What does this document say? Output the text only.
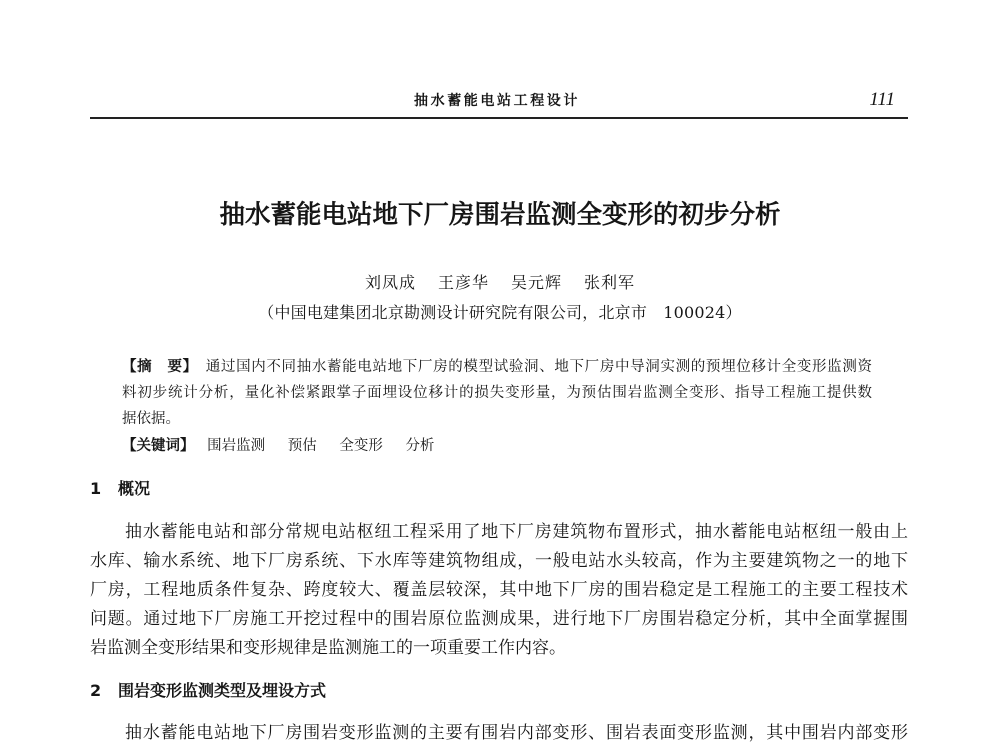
抽水蓄能电站工程设计	111
抽水蓄能电站地下厂房围岩监测全变形的初步分析
刘凤成 王彦华 吴元辉 张利军
（中国电建集团北京勘测设计研究院有限公司，北京市　100024）
【摘　要】 通过国内不同抽水蓄能电站地下厂房的模型试验洞、地下厂房中导洞实测的预埋位移计全变形监测资
料初步统计分析，量化补偿紧跟掌子面埋设位移计的损失变形量，为预估围岩监测全变形、指导工程施工提供数
据依据。
【关键词】 围岩监测 预估 全变形 分析
1 概况
抽水蓄能电站和部分常规电站枢纽工程采用了地下厂房建筑物布置形式，抽水蓄能电站枢纽一般由上
水库、输水系统、地下厂房系统、下水库等建筑物组成，一般电站水头较高，作为主要建筑物之一的地下
厂房，工程地质条件复杂、跨度较大、覆盖层较深，其中地下厂房的围岩稳定是工程施工的主要工程技术
问题。通过地下厂房施工开挖过程中的围岩原位监测成果，进行地下厂房围岩稳定分析，其中全面掌握围
岩监测全变形结果和变形规律是监测施工的一项重要工作内容。
2 围岩变形监测类型及埋设方式
抽水蓄能电站地下厂房围岩变形监测的主要有围岩内部变形、围岩表面变形监测，其中围岩内部变形
